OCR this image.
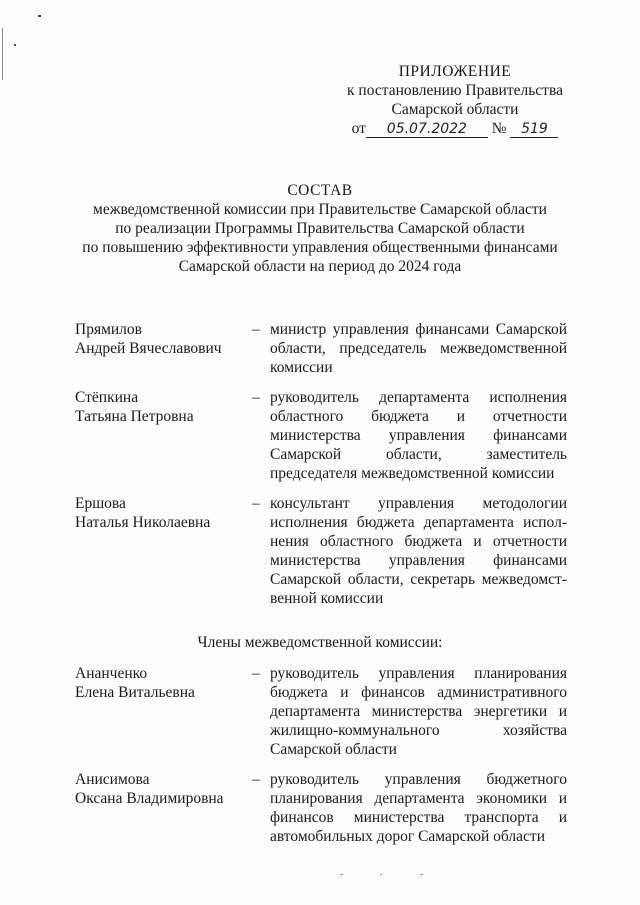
ПРИЛОЖЕНИЕ
к постановлению Правительства
Самарской области
от 05.07.2022 № 519
СОСТАВ
межведомственной комиссии при Правительстве Самарской области
по реализации Программы Правительства Самарской области
по повышению эффективности управления общественными финансами
Самарской области на период до 2024 года
Прямилов
Андрей Вячеславович
– министр управления финансами Самарской области, председатель межведомственной комиссии
Стёпкина
Татьяна Петровна
– руководитель департамента исполнения областного бюджета и отчетности министерства управления финансами Самарской области, заместитель председателя межведомственной комиссии
Ершова
Наталья Николаевна
– консультант управления методологии исполнения бюджета департамента испол-нения областного бюджета и отчетности министерства управления финансами Самарской области, секретарь межведомст-венной комиссии
Члены межведомственной комиссии:
Ананченко
Елена Витальевна
– руководитель управления планирования бюджета и финансов административного департамента министерства энергетики и жилищно-коммунального хозяйства Самарской области
Анисимова
Оксана Владимировна
– руководитель управления бюджетного планирования департамента экономики и финансов министерства транспорта и автомобильных дорог Самарской области
